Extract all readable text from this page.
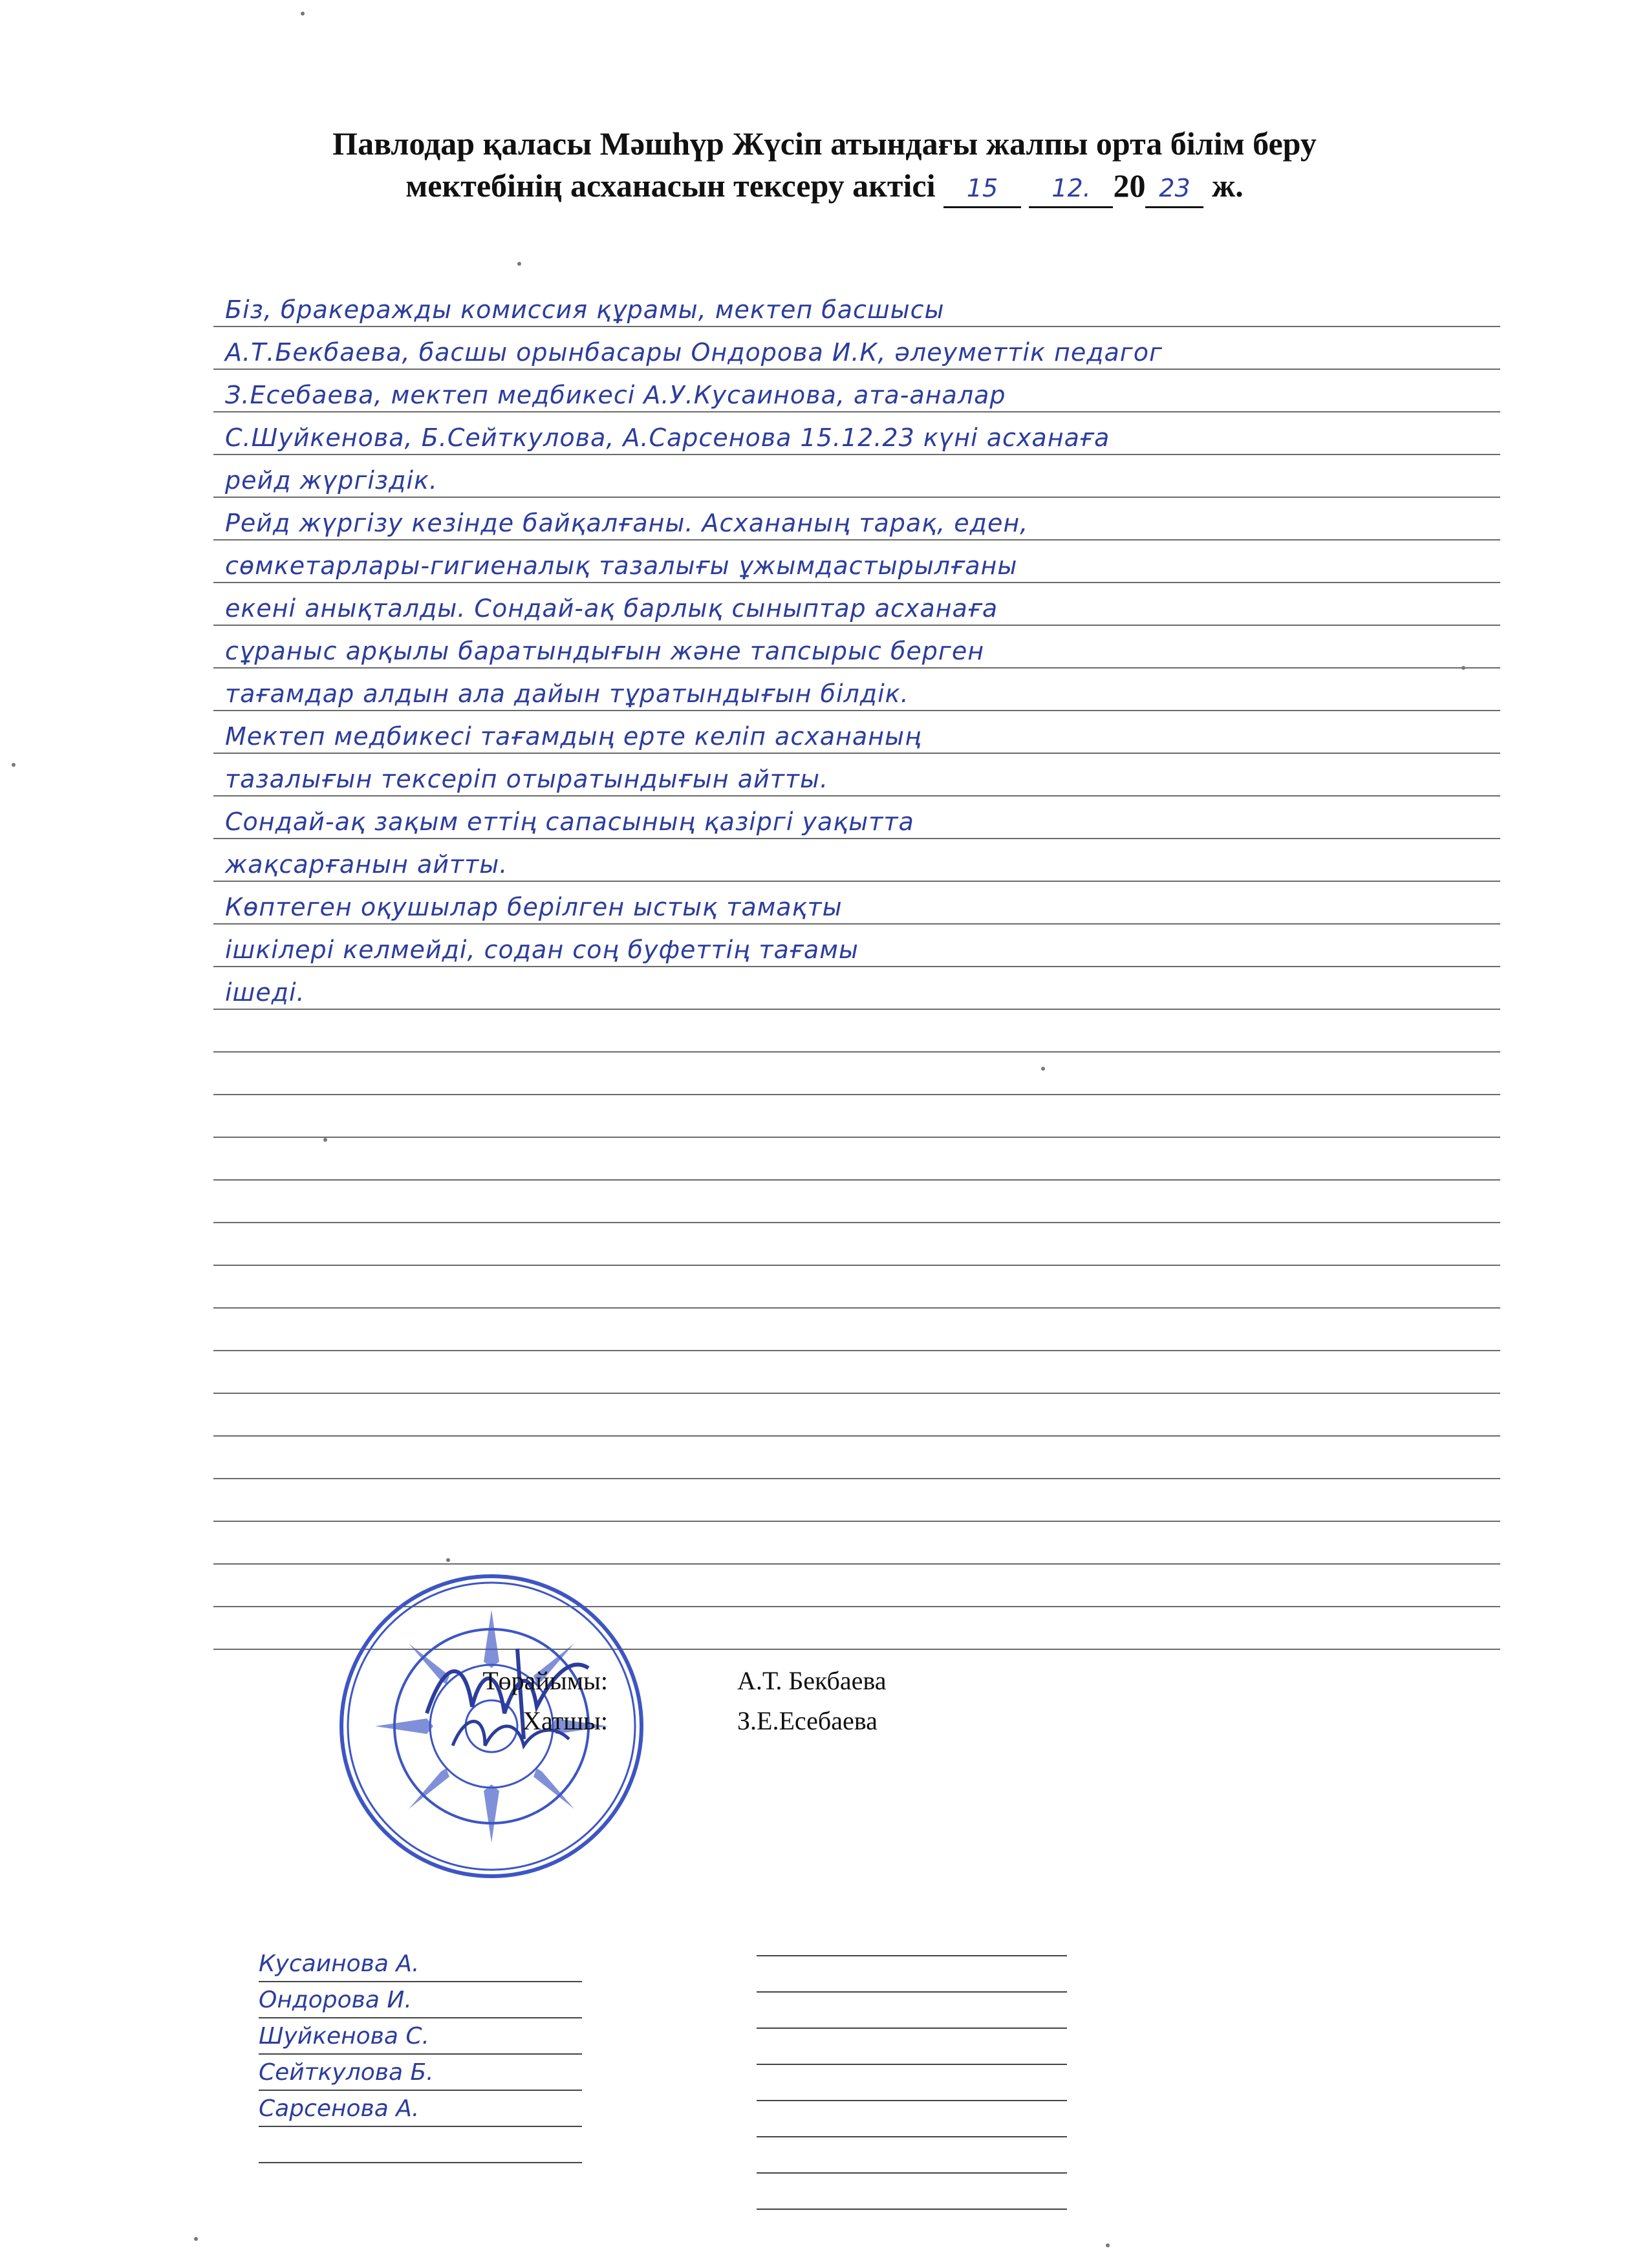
Павлодар қаласы Мәшһүр Жүсіп атындағы жалпы орта білім беру
мектебінің асханасын тексеру актісі 15 12. 20 23 ж.
Біз, бракеражды комиссия құрамы, мектеп басшысы
А.Т.Бекбаева, басшы орынбасары Ондорова И.К, әлеуметтік педагог
З.Есебаева, мектеп медбикесі А.У.Кусаинова, ата-аналар
С.Шуйкенова, Б.Сейткулова, А.Сарсенова 15.12.23 күні асханаға
рейд жүргіздік.
Рейд жүргізу кезінде байқалғаны. Асхананың тарақ, еден,
сөмкетарлары-гигиеналық тазалығы ұжымдастырылғаны
екені анықталды. Сондай-ақ барлық сыныптар асханаға
сұраныс арқылы баратындығын және тапсырыс берген
тағамдар алдын ала дайын тұратындығын білдік.
Мектеп медбикесі тағамдың ерте келіп асхананың
тазалығын тексеріп отыратындығын айтты.
Сондай-ақ зақым еттің сапасының қазіргі уақытта
жақсарғанын айтты.
Көптеген оқушылар берілген ыстық тамақты
ішкілері келмейді, содан соң буфеттің тағамы
ішеді.
Төрайымы:	А.Т. Бекбаева
Хатшы:	З.Е.Есебаева
Кусаинова А.
Ондорова И.
Шуйкенова С.
Сейткулова Б.
Сарсенова А.
